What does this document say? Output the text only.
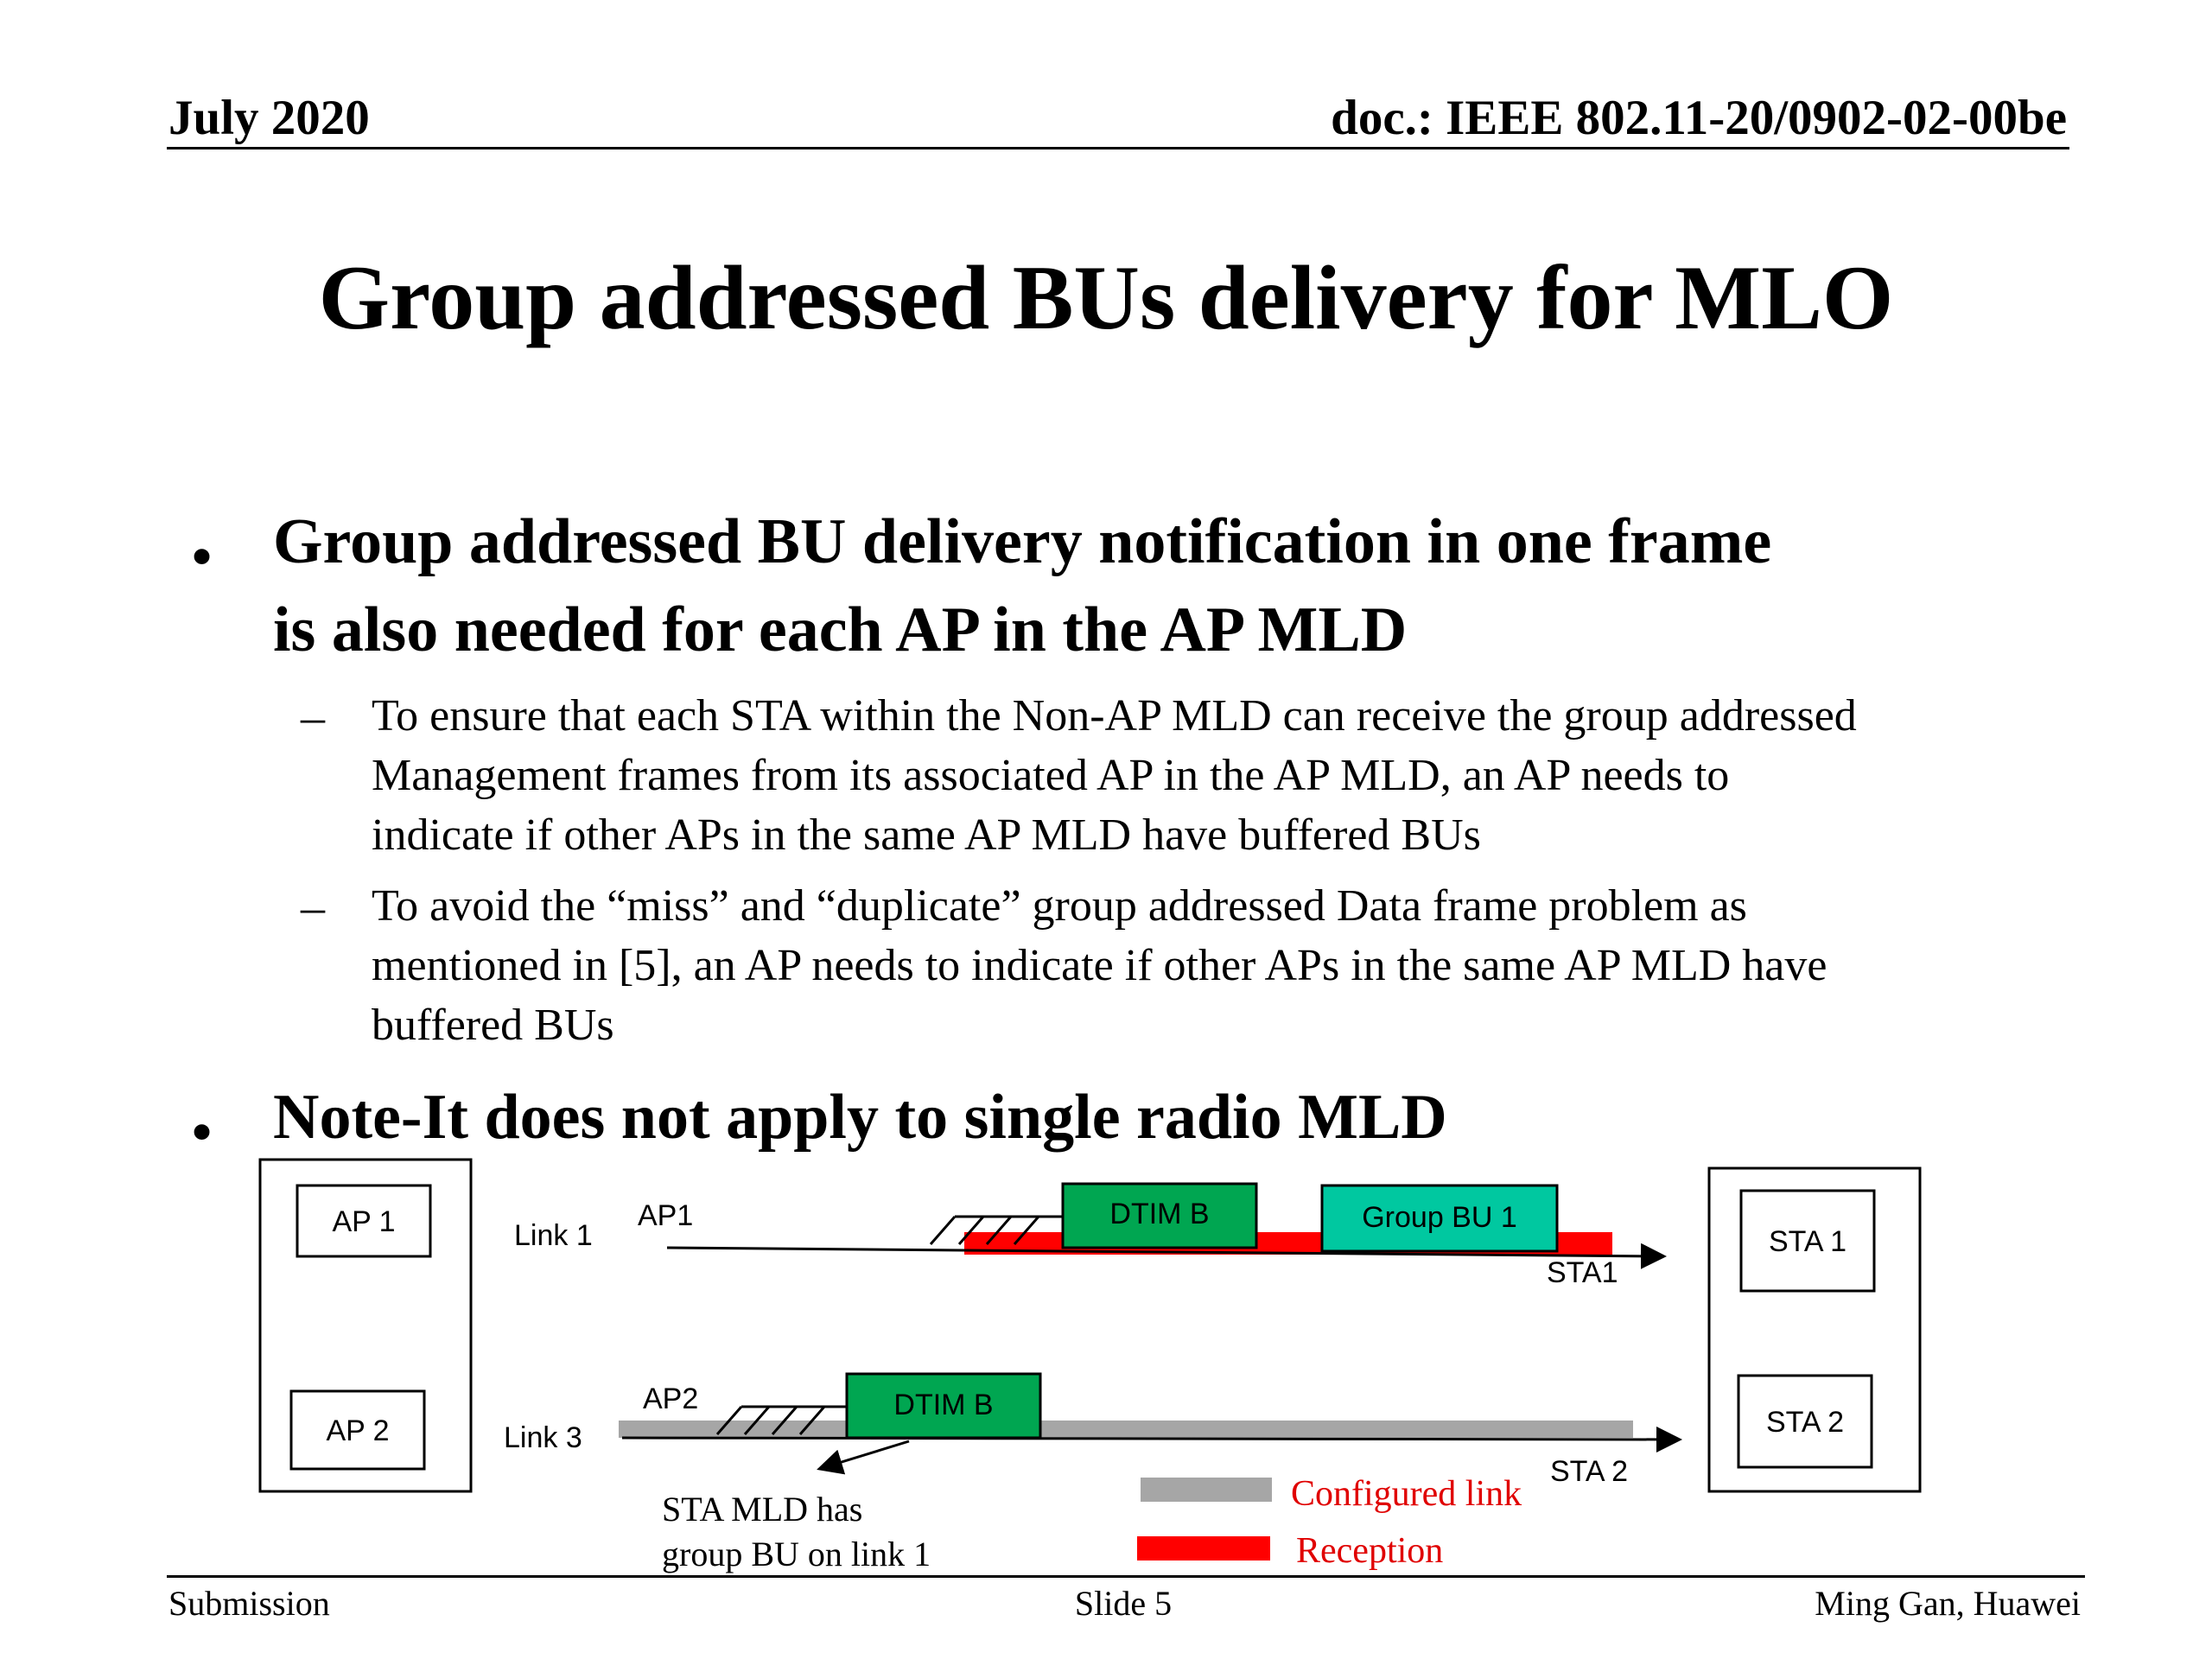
July 2020	doc.: IEEE 802.11-20/0902-02-00be
Group addressed BUs delivery for MLO
• Group addressed BU delivery notification in one frame
is also needed for each AP in the AP MLD
– To ensure that each STA within the Non-AP MLD can receive the group addressed
Management frames from its associated AP in the AP MLD, an AP needs to
indicate if other APs in the same AP MLD have buffered BUs
– To avoid the “miss” and “duplicate” group addressed Data frame problem as
mentioned in [5], an AP needs to indicate if other APs in the same AP MLD have
buffered BUs
• Note-It does not apply to single radio MLD
AP 1
AP 2
STA 1
STA 2
Link 1
AP1	DTIM B	Group BU 1
STA1
Link 3
AP2	DTIM B
STA 2
STA MLD has
group BU on link 1
Configured link
Reception
Submission	Slide 5	Ming Gan, Huawei
